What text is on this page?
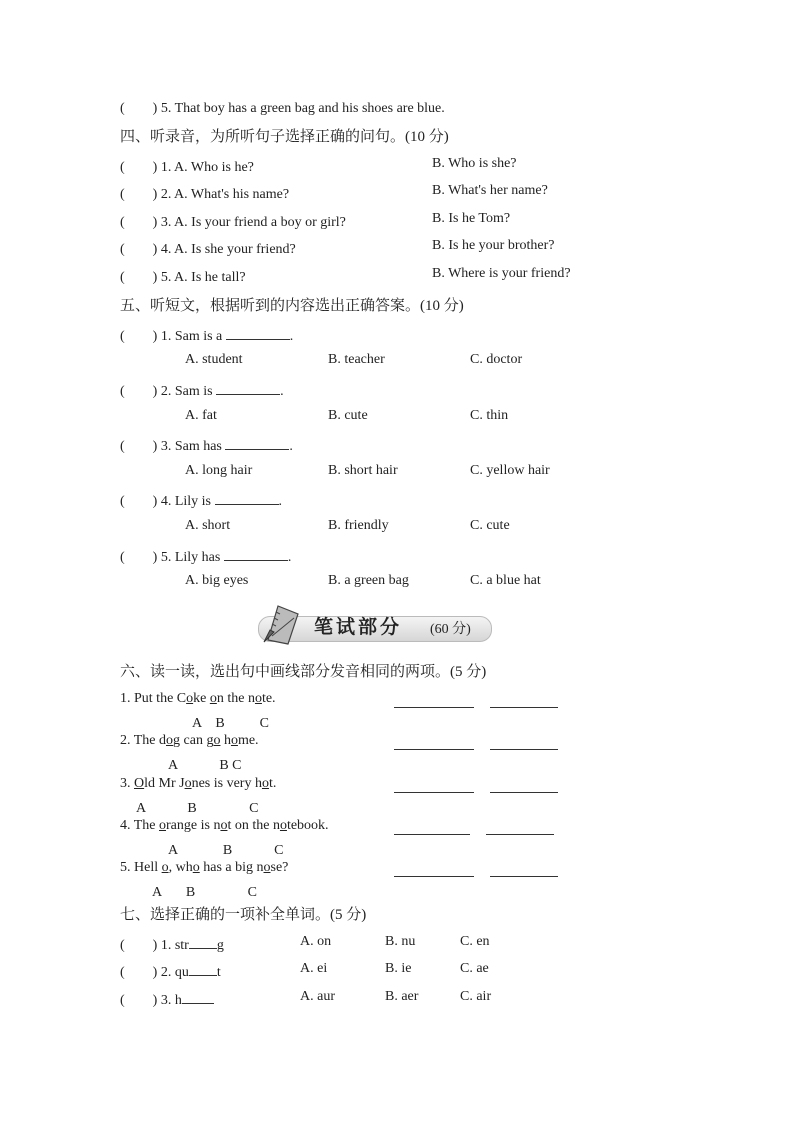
(　　) 5. That boy has a green bag and his shoes are blue.
四、听录音，为所听句子选择正确的问句。(10 分)
(　　) 1. A. Who is he?	B. Who is she?
(　　) 2. A. What's his name?	B. What's her name?
(　　) 3. A. Is your friend a boy or girl?	B. Is he Tom?
(　　) 4. A. Is she your friend?	B. Is he your brother?
(　　) 5. A. Is he tall?	B. Where is your friend?
五、听短文，根据听到的内容选出正确答案。(10 分)
(　　) 1. Sam is a	.
A. student	B. teacher	C. doctor
(　　) 2. Sam is	.
A. fat	B. cute	C. thin
(　　) 3. Sam has	.
A. long hair	B. short hair	C. yellow hair
(　　) 4. Lily is	.
A. short	B. friendly	C. cute
(　　) 5. Lily has	.
A. big eyes	B. a green bag	C. a blue hat
笔试部分 (60 分)
六、读一读，选出句中画线部分发音相同的两项。(5 分)
1. Put the Coke on the note.
A    B          C
2. The dog can go home.
A            B C
3. Old Mr Jones is very hot.
A            B               C
4. The orange is not on the notebook.
A             B            C
5. Hell o, who has a big nose?
A       B               C
七、选择正确的一项补全单词。(5 分)
(　　) 1. str g	A. on	B. nu	C. en
(　　) 2. qu t	A. ei	B. ie	C. ae
(　　) 3. h	A. aur	B. aer	C. air
